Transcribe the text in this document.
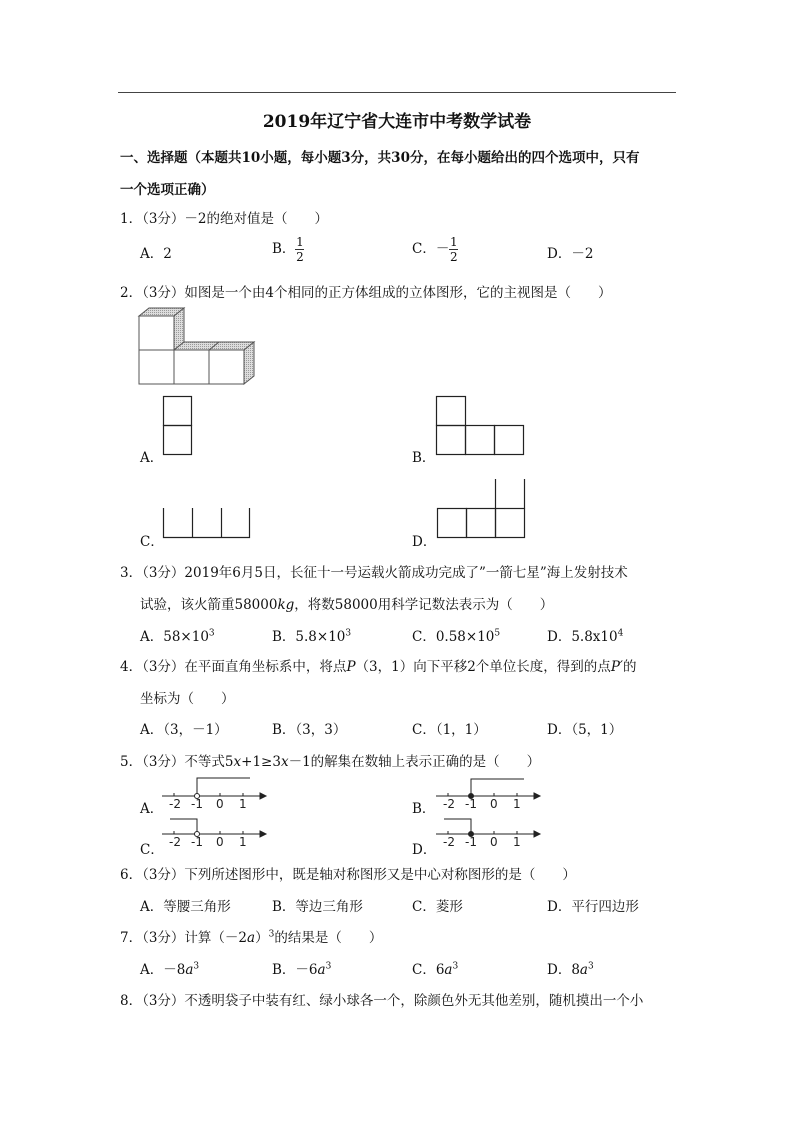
2019年辽宁省大连市中考数学试卷
一、选择题（本题共10小题，每小题3分，共30分，在每小题给出的四个选项中，只有
一个选项正确）
1．（3分）－2的绝对值是（　　）
A．2	B． $\frac{1}{2}$	C．－ $\frac{1}{2}$	D．－2
2．（3分）如图是一个由4个相同的正方体组成的立体图形，它的主视图是（　　）
A．	B．
C．	D．
3．（3分）2019年6月5日，长征十一号运载火箭成功完成了”一箭七星”海上发射技术
试验，该火箭重58000kg，将数58000用科学记数法表示为（　　）
A．$58\times 10^3$	B．$5.8\times 10^3$	C．$0.58\times 10^5$	D．$5.8x10^4$
4．（3分）在平面直角坐标系中，将点P（3，1）向下平移2个单位长度，得到的点P′的
坐标为（　　）
A．（3，－1）	B．（3，3）	C．（1，1）	D．（5，1）
5．（3分）不等式5x+1≥3x－1的解集在数轴上表示正确的是（　　）
A． -2 -1 0 1	B． -2 -1 0 1
C． -2 -1 0 1	D． -2 -1 0 1
6．（3分）下列所述图形中，既是轴对称图形又是中心对称图形的是（　　）
A．等腰三角形	B．等边三角形	C．菱形	D．平行四边形
7．（3分）计算$(-2a)^3$的结果是（　　）
A．$-8a^3$	B．$-6a^3$	C．$6a^3$	D．$8a^3$
8．（3分）不透明袋子中装有红、绿小球各一个，除颜色外无其他差别，随机摸出一个小
